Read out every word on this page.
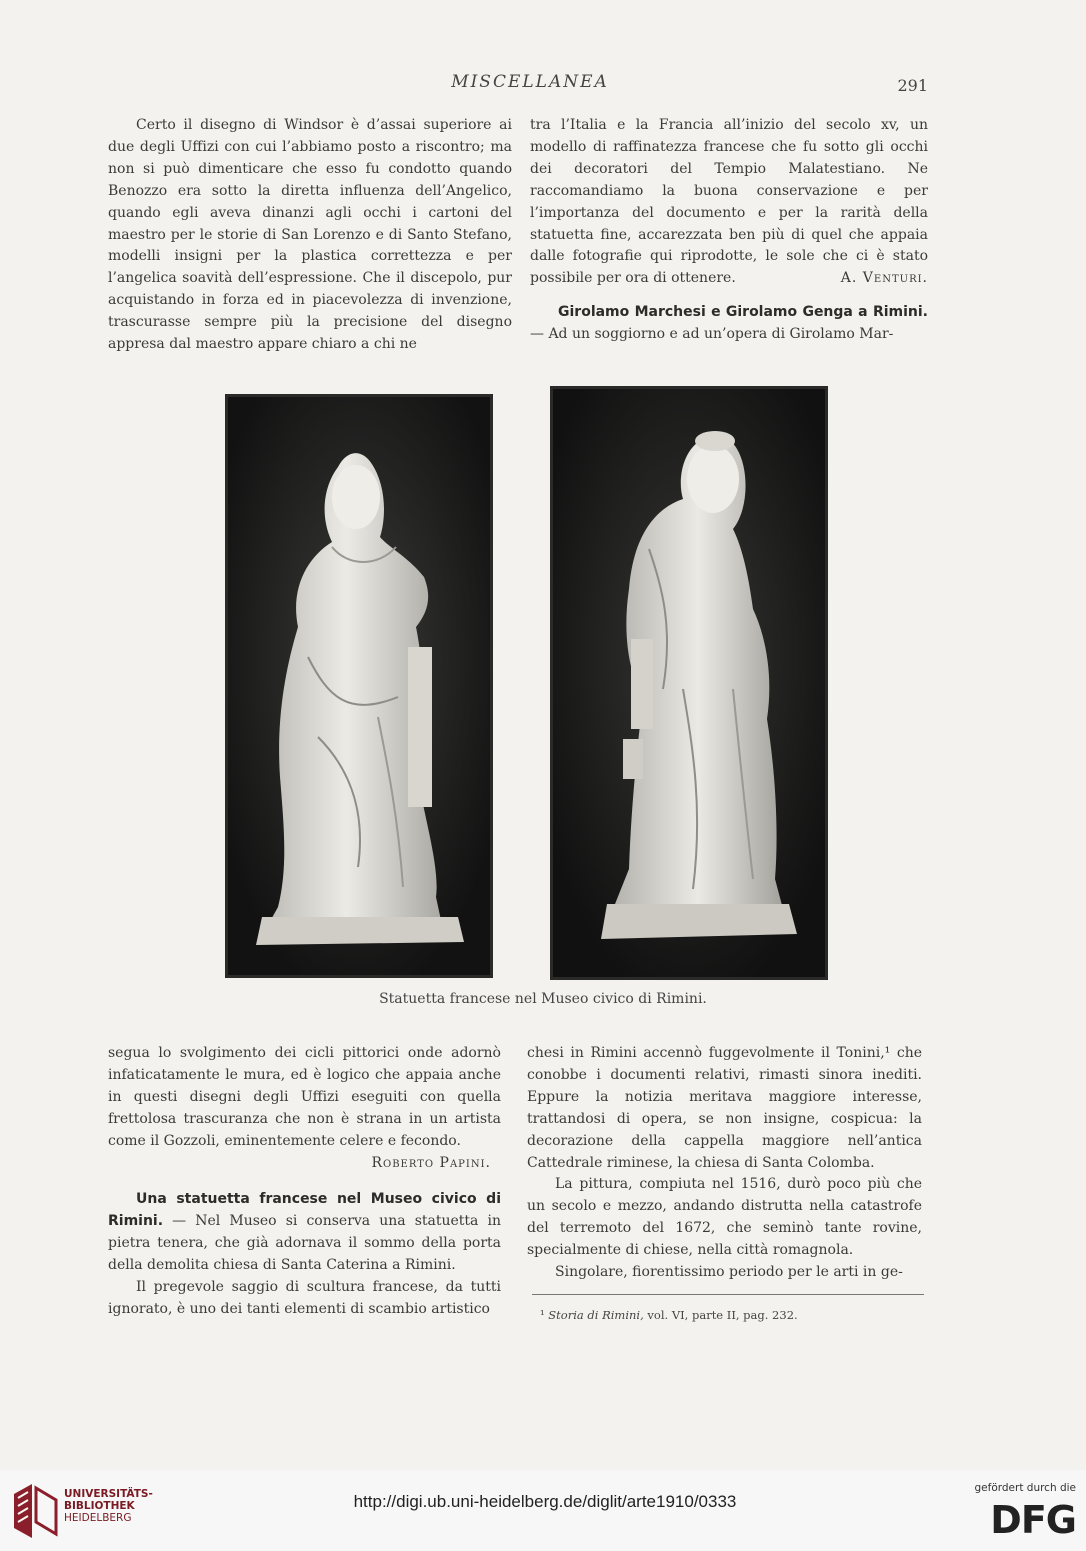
MISCELLANEA	291

Certo il disegno di Windsor è d’assai superiore ai due degli Uffizi con cui l’abbiamo posto a riscontro; ma non si può dimenticare che esso fu condotto quando Benozzo era sotto la diretta influenza dell’Angelico, quando egli aveva dinanzi agli occhi i cartoni del maestro per le storie di San Lorenzo e di Santo Stefano, modelli insigni per la plastica correttezza e per l’angelica soavità dell’espressione. Che il discepolo, pur acquistando in forza ed in piacevolezza di invenzione, trascurasse sempre più la precisione del disegno appresa dal maestro appare chiaro a chi ne

tra l’Italia e la Francia all’inizio del secolo xv, un modello di raffinatezza francese che fu sotto gli occhi dei decoratori del Tempio Malatestiano. Ne raccomandiamo la buona conservazione e per l’importanza del documento e per la rarità della statuetta fine, accarezzata ben più di quel che appaia dalle fotografie qui riprodotte, le sole che ci è stato possibile per ora di ottenere.	A. Venturi.

Girolamo Marchesi e Girolamo Genga a Rimini. — Ad un soggiorno e ad un’opera di Girolamo Mar-

Statuetta francese nel Museo civico di Rimini.

segua lo svolgimento dei cicli pittorici onde adornò infaticatamente le mura, ed è logico che appaia anche in questi disegni degli Uffizi eseguiti con quella frettolosa trascuranza che non è strana in un artista come il Gozzoli, eminentemente celere e fecondo.

Roberto Papini.

Una statuetta francese nel Museo civico di Rimini. — Nel Museo si conserva una statuetta in pietra tenera, che già adornava il sommo della porta della demolita chiesa di Santa Caterina a Rimini.

Il pregevole saggio di scultura francese, da tutti ignorato, è uno dei tanti elementi di scambio artistico

chesi in Rimini accennò fuggevolmente il Tonini,¹ che conobbe i documenti relativi, rimasti sinora inediti. Eppure la notizia meritava maggiore interesse, trattandosi di opera, se non insigne, cospicua: la decorazione della cappella maggiore nell’antica Cattedrale riminese, la chiesa di Santa Colomba.

La pittura, compiuta nel 1516, durò poco più che un secolo e mezzo, andando distrutta nella catastrofe del terremoto del 1672, che seminò tante rovine, specialmente di chiese, nella città romagnola.

Singolare, fiorentissimo periodo per le arti in ge-

¹ Storia di Rimini, vol. VI, parte II, pag. 232.
UNIVERSITÄTS-
BIBLIOTHEK
HEIDELBERG
http://digi.ub.uni-heidelberg.de/diglit/arte1910/0333
gefördert durch die
DFG
